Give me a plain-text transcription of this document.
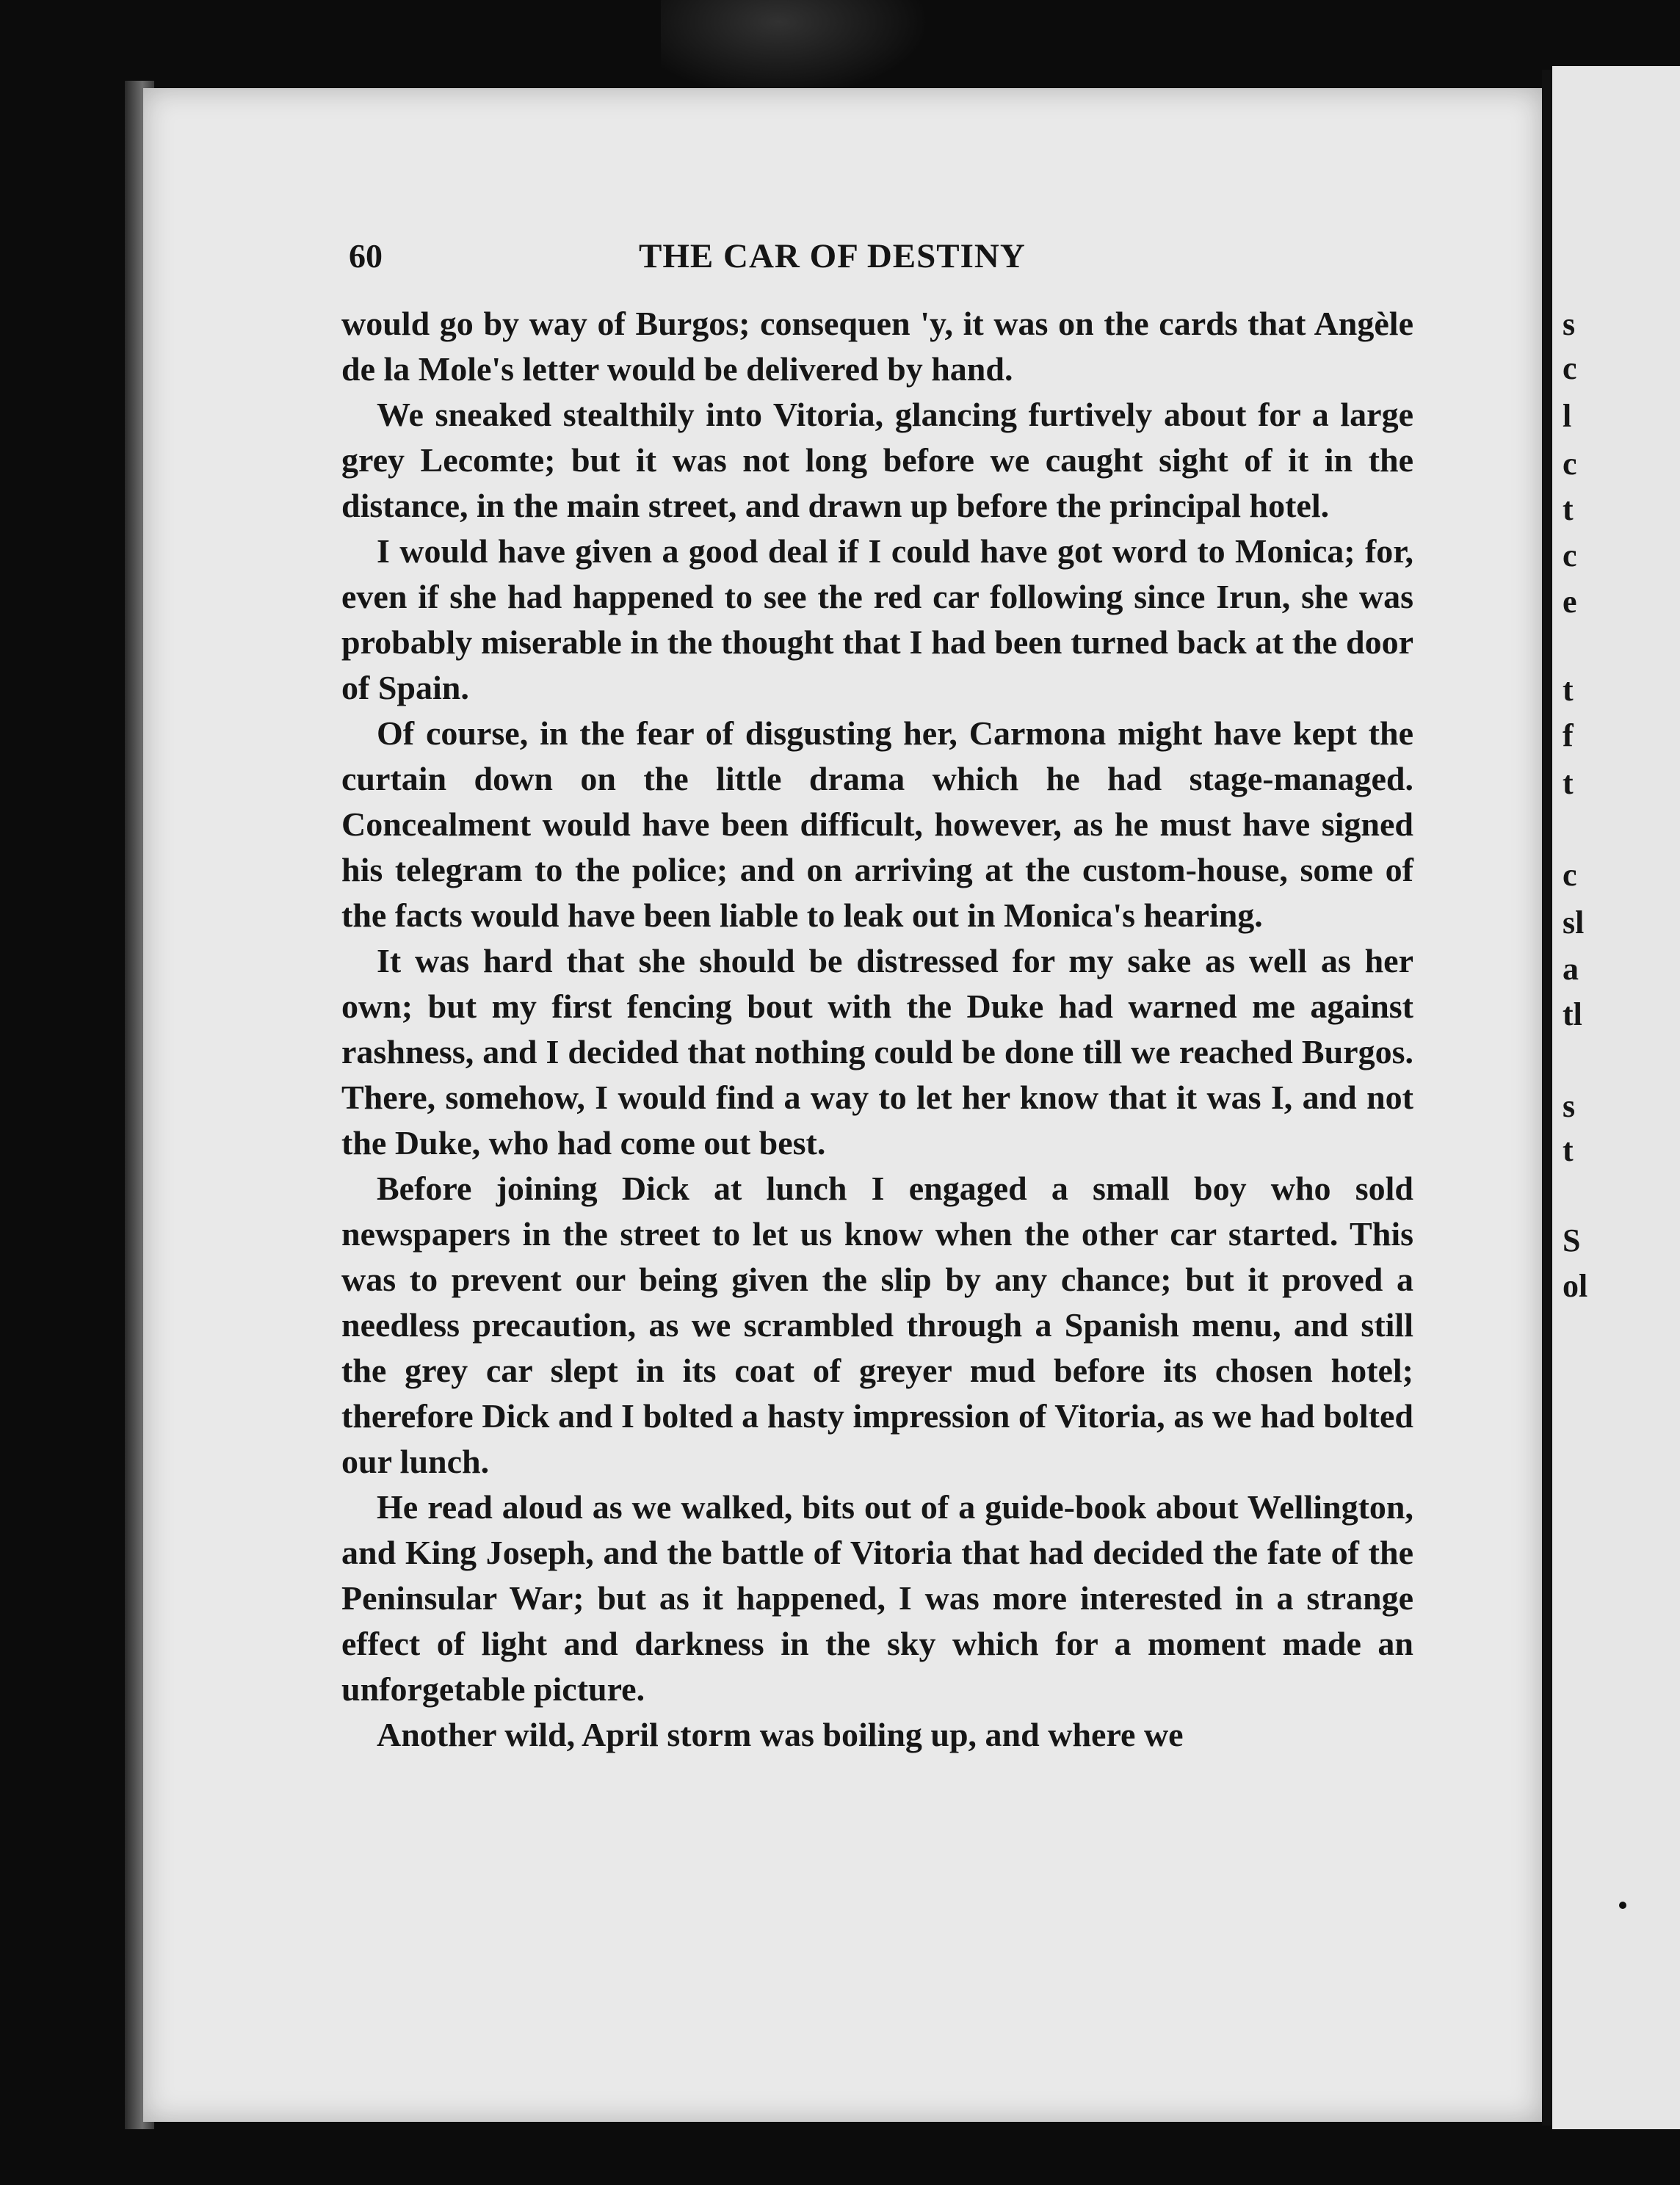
60	THE CAR OF DESTINY

would go by way of Burgos; consequen 'y, it was on the cards that Angèle de la Mole's letter would be delivered by hand.

We sneaked stealthily into Vitoria, glancing furtively about for a large grey Lecomte; but it was not long before we caught sight of it in the distance, in the main street, and drawn up before the principal hotel.

I would have given a good deal if I could have got word to Monica; for, even if she had happened to see the red car following since Irun, she was probably miserable in the thought that I had been turned back at the door of Spain.

Of course, in the fear of disgusting her, Carmona might have kept the curtain down on the little drama which he had stage-managed. Concealment would have been difficult, however, as he must have signed his telegram to the police; and on arriving at the custom-house, some of the facts would have been liable to leak out in Monica's hearing.

It was hard that she should be distressed for my sake as well as her own; but my first fencing bout with the Duke had warned me against rashness, and I decided that nothing could be done till we reached Burgos. There, somehow, I would find a way to let her know that it was I, and not the Duke, who had come out best.

Before joining Dick at lunch I engaged a small boy who sold newspapers in the street to let us know when the other car started. This was to prevent our being given the slip by any chance; but it proved a needless precaution, as we scrambled through a Spanish menu, and still the grey car slept in its coat of greyer mud before its chosen hotel; therefore Dick and I bolted a hasty impression of Vitoria, as we had bolted our lunch.

He read aloud as we walked, bits out of a guide-book about Wellington, and King Joseph, and the battle of Vitoria that had decided the fate of the Peninsular War; but as it happened, I was more interested in a strange effect of light and darkness in the sky which for a moment made an unforgetable picture.

Another wild, April storm was boiling up, and where we

s
c
l
c
t
c
e
t
f
t
c
sl
a
tl
s
t
S
ol
